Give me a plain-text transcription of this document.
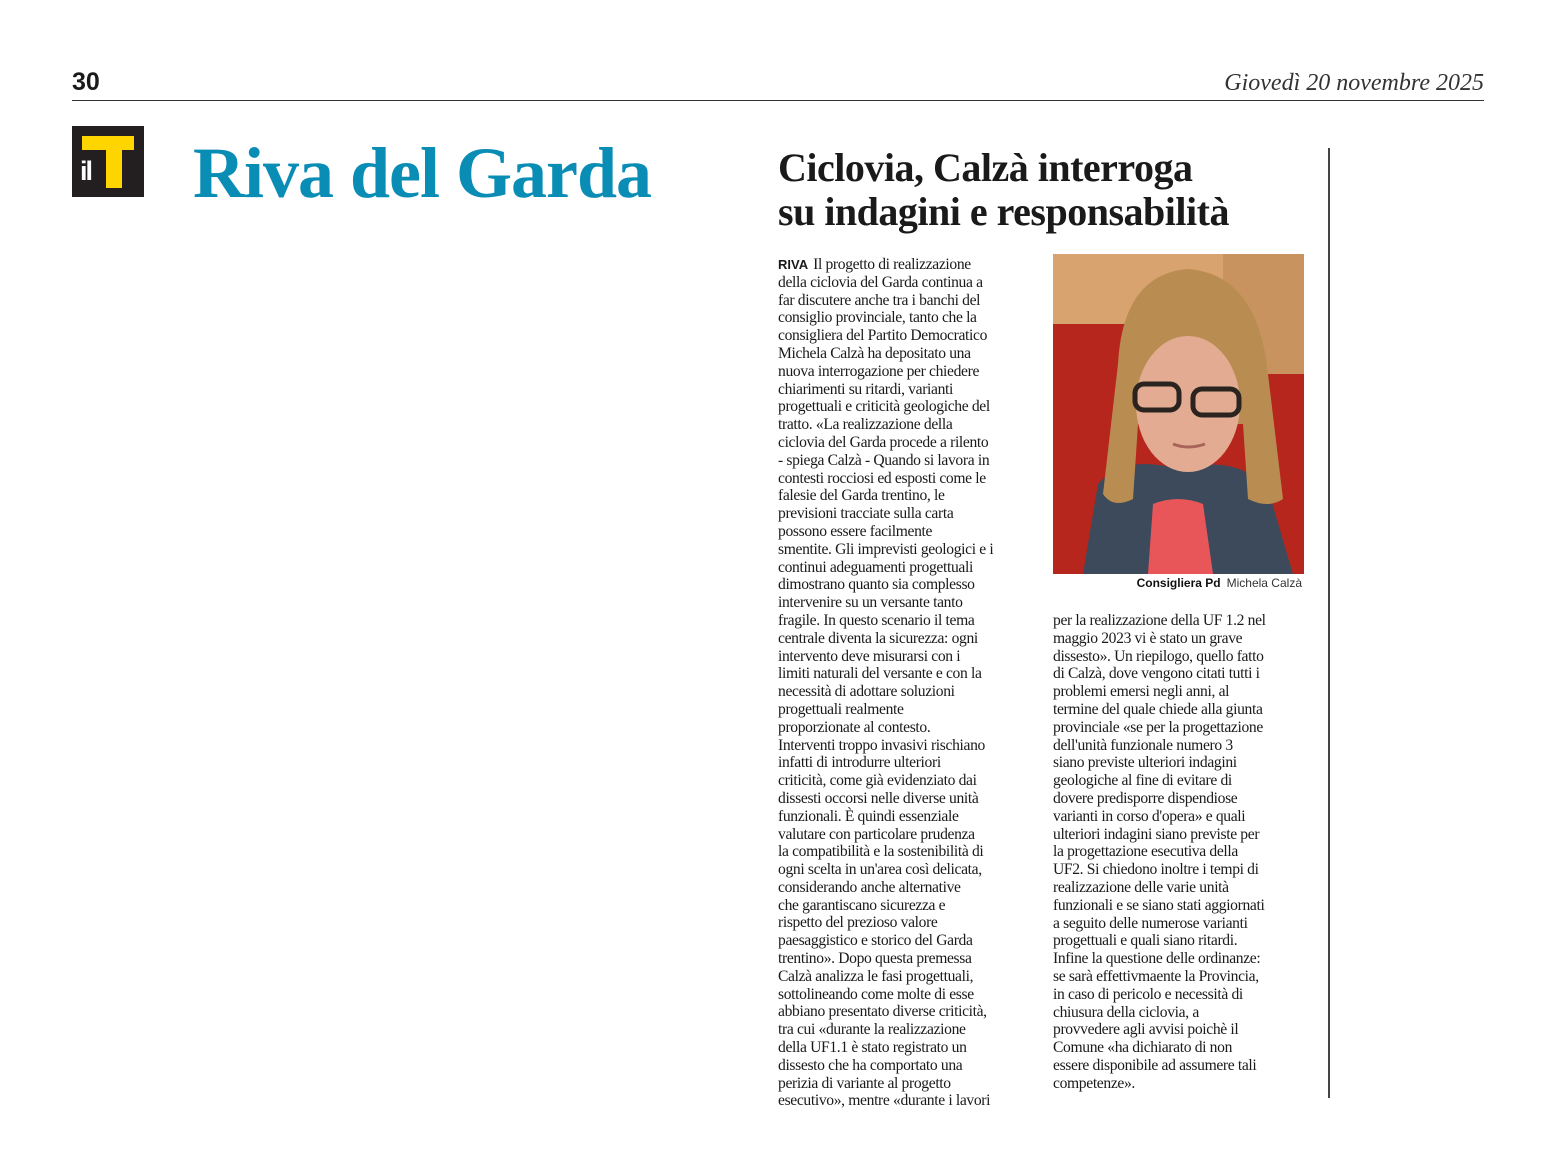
30	Giovedì 20 novembre 2025
il Riva del Garda	Ciclovia, Calzà interroga
su indagini e responsabilità
RIVA Il progetto di realizzazione
della ciclovia del Garda continua a
far discutere anche tra i banchi del
consiglio provinciale, tanto che la
consigliera del Partito Democratico
Michela Calzà ha depositato una
nuova interrogazione per chiedere
chiarimenti su ritardi, varianti
progettuali e criticità geologiche del
tratto. «La realizzazione della
ciclovia del Garda procede a rilento
- spiega Calzà - Quando si lavora in
contesti rocciosi ed esposti come le
falesie del Garda trentino, le
previsioni tracciate sulla carta
possono essere facilmente
smentite. Gli imprevisti geologici e i
continui adeguamenti progettuali
dimostrano quanto sia complesso
intervenire su un versante tanto
fragile. In questo scenario il tema
centrale diventa la sicurezza: ogni
intervento deve misurarsi con i
limiti naturali del versante e con la
necessità di adottare soluzioni
progettuali realmente
proporzionate al contesto.
Interventi troppo invasivi rischiano
infatti di introdurre ulteriori
criticità, come già evidenziato dai
dissesti occorsi nelle diverse unità
funzionali. È quindi essenziale
valutare con particolare prudenza
la compatibilità e la sostenibilità di
ogni scelta in un'area così delicata,
considerando anche alternative
che garantiscano sicurezza e
rispetto del prezioso valore
paesaggistico e storico del Garda
trentino». Dopo questa premessa
Calzà analizza le fasi progettuali,
sottolineando come molte di esse
abbiano presentato diverse criticità,
tra cui «durante la realizzazione
della UF1.1 è stato registrato un
dissesto che ha comportato una
perizia di variante al progetto
esecutivo», mentre «durante i lavori
Consigliera Pd Michela Calzà
per la realizzazione della UF 1.2 nel
maggio 2023 vi è stato un grave
dissesto». Un riepilogo, quello fatto
di Calzà, dove vengono citati tutti i
problemi emersi negli anni, al
termine del quale chiede alla giunta
provinciale «se per la progettazione
dell'unità funzionale numero 3
siano previste ulteriori indagini
geologiche al fine di evitare di
dovere predisporre dispendiose
varianti in corso d'opera» e quali
ulteriori indagini siano previste per
la progettazione esecutiva della
UF2. Si chiedono inoltre i tempi di
realizzazione delle varie unità
funzionali e se siano stati aggiornati
a seguito delle numerose varianti
progettuali e quali siano ritardi.
Infine la questione delle ordinanze:
se sarà effettivmaente la Provincia,
in caso di pericolo e necessità di
chiusura della ciclovia, a
provvedere agli avvisi poichè il
Comune «ha dichiarato di non
essere disponibile ad assumere tali
competenze».
